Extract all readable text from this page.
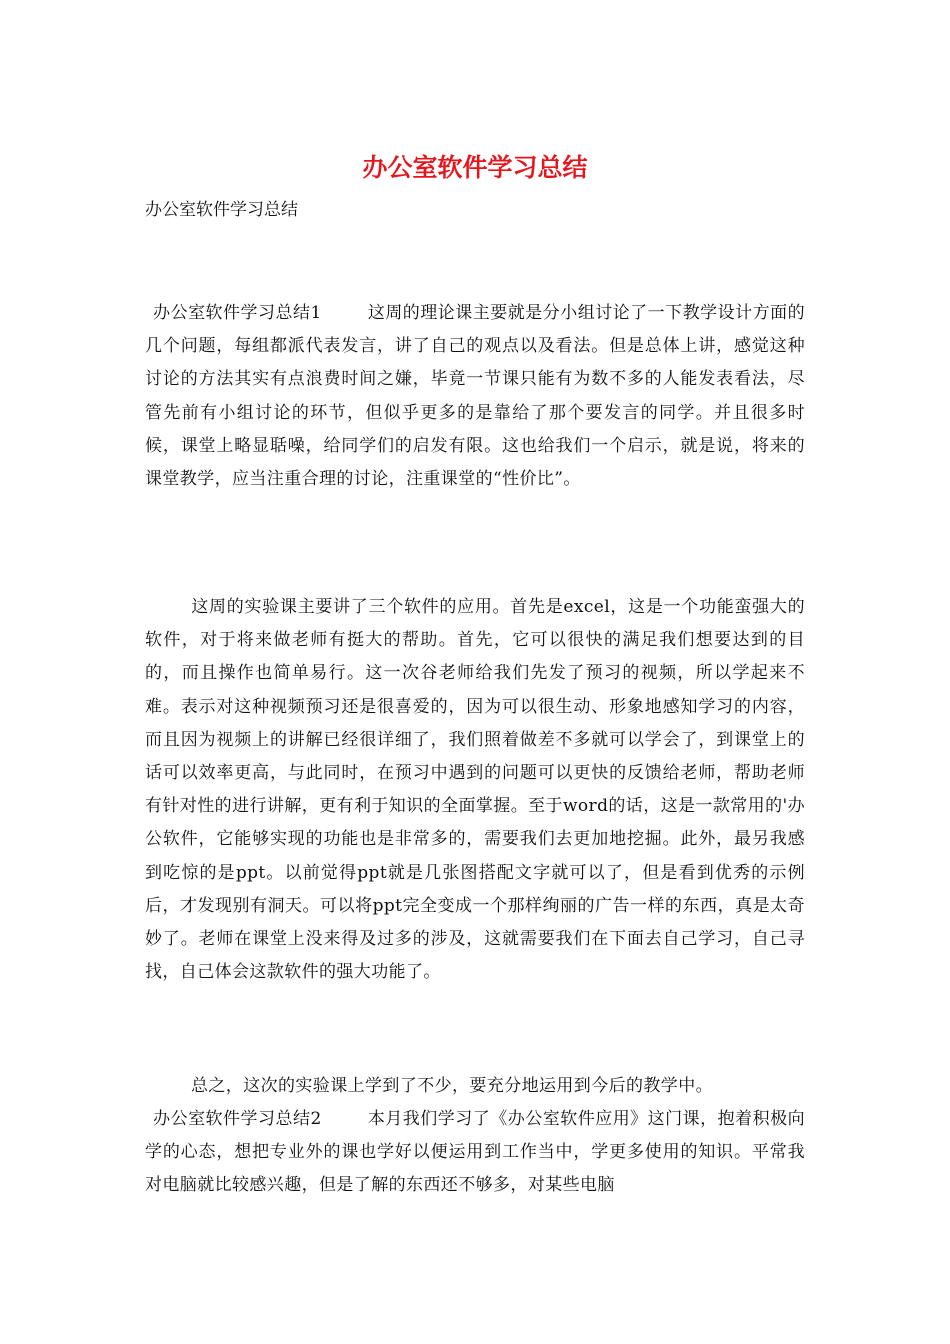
办公室软件学习总结

办公室软件学习总结

办公室软件学习总结1	这周的理论课主要就是分小组讨论了一下教学设计方面的几个问题，每组都派代表发言，讲了自己的观点以及看法。但是总体上讲，感觉这种讨论的方法其实有点浪费时间之嫌，毕竟一节课只能有为数不多的人能发表看法，尽管先前有小组讨论的环节，但似乎更多的是靠给了那个要发言的同学。并且很多时候，课堂上略显聒噪，给同学们的启发有限。这也给我们一个启示，就是说，将来的课堂教学，应当注重合理的讨论，注重课堂的“性价比”。

这周的实验课主要讲了三个软件的应用。首先是excel，这是一个功能蛮强大的软件，对于将来做老师有挺大的帮助。首先，它可以很快的满足我们想要达到的目的，而且操作也简单易行。这一次谷老师给我们先发了预习的视频，所以学起来不难。表示对这种视频预习还是很喜爱的，因为可以很生动、形象地感知学习的内容，而且因为视频上的讲解已经很详细了，我们照着做差不多就可以学会了，到课堂上的话可以效率更高，与此同时，在预习中遇到的问题可以更快的反馈给老师，帮助老师有针对性的进行讲解，更有利于知识的全面掌握。至于word的话，这是一款常用的'办公软件，它能够实现的功能也是非常多的，需要我们去更加地挖掘。此外，最另我感到吃惊的是ppt。以前觉得ppt就是几张图搭配文字就可以了，但是看到优秀的示例后，才发现别有洞天。可以将ppt完全变成一个那样绚丽的广告一样的东西，真是太奇妙了。老师在课堂上没来得及过多的涉及，这就需要我们在下面去自己学习，自己寻找，自己体会这款软件的强大功能了。

总之，这次的实验课上学到了不少，要充分地运用到今后的教学中。

办公室软件学习总结2	本月我们学习了《办公室软件应用》这门课，抱着积极向学的心态，想把专业外的课也学好以便运用到工作当中，学更多使用的知识。平常我对电脑就比较感兴趣，但是了解的东西还不够多，对某些电脑
